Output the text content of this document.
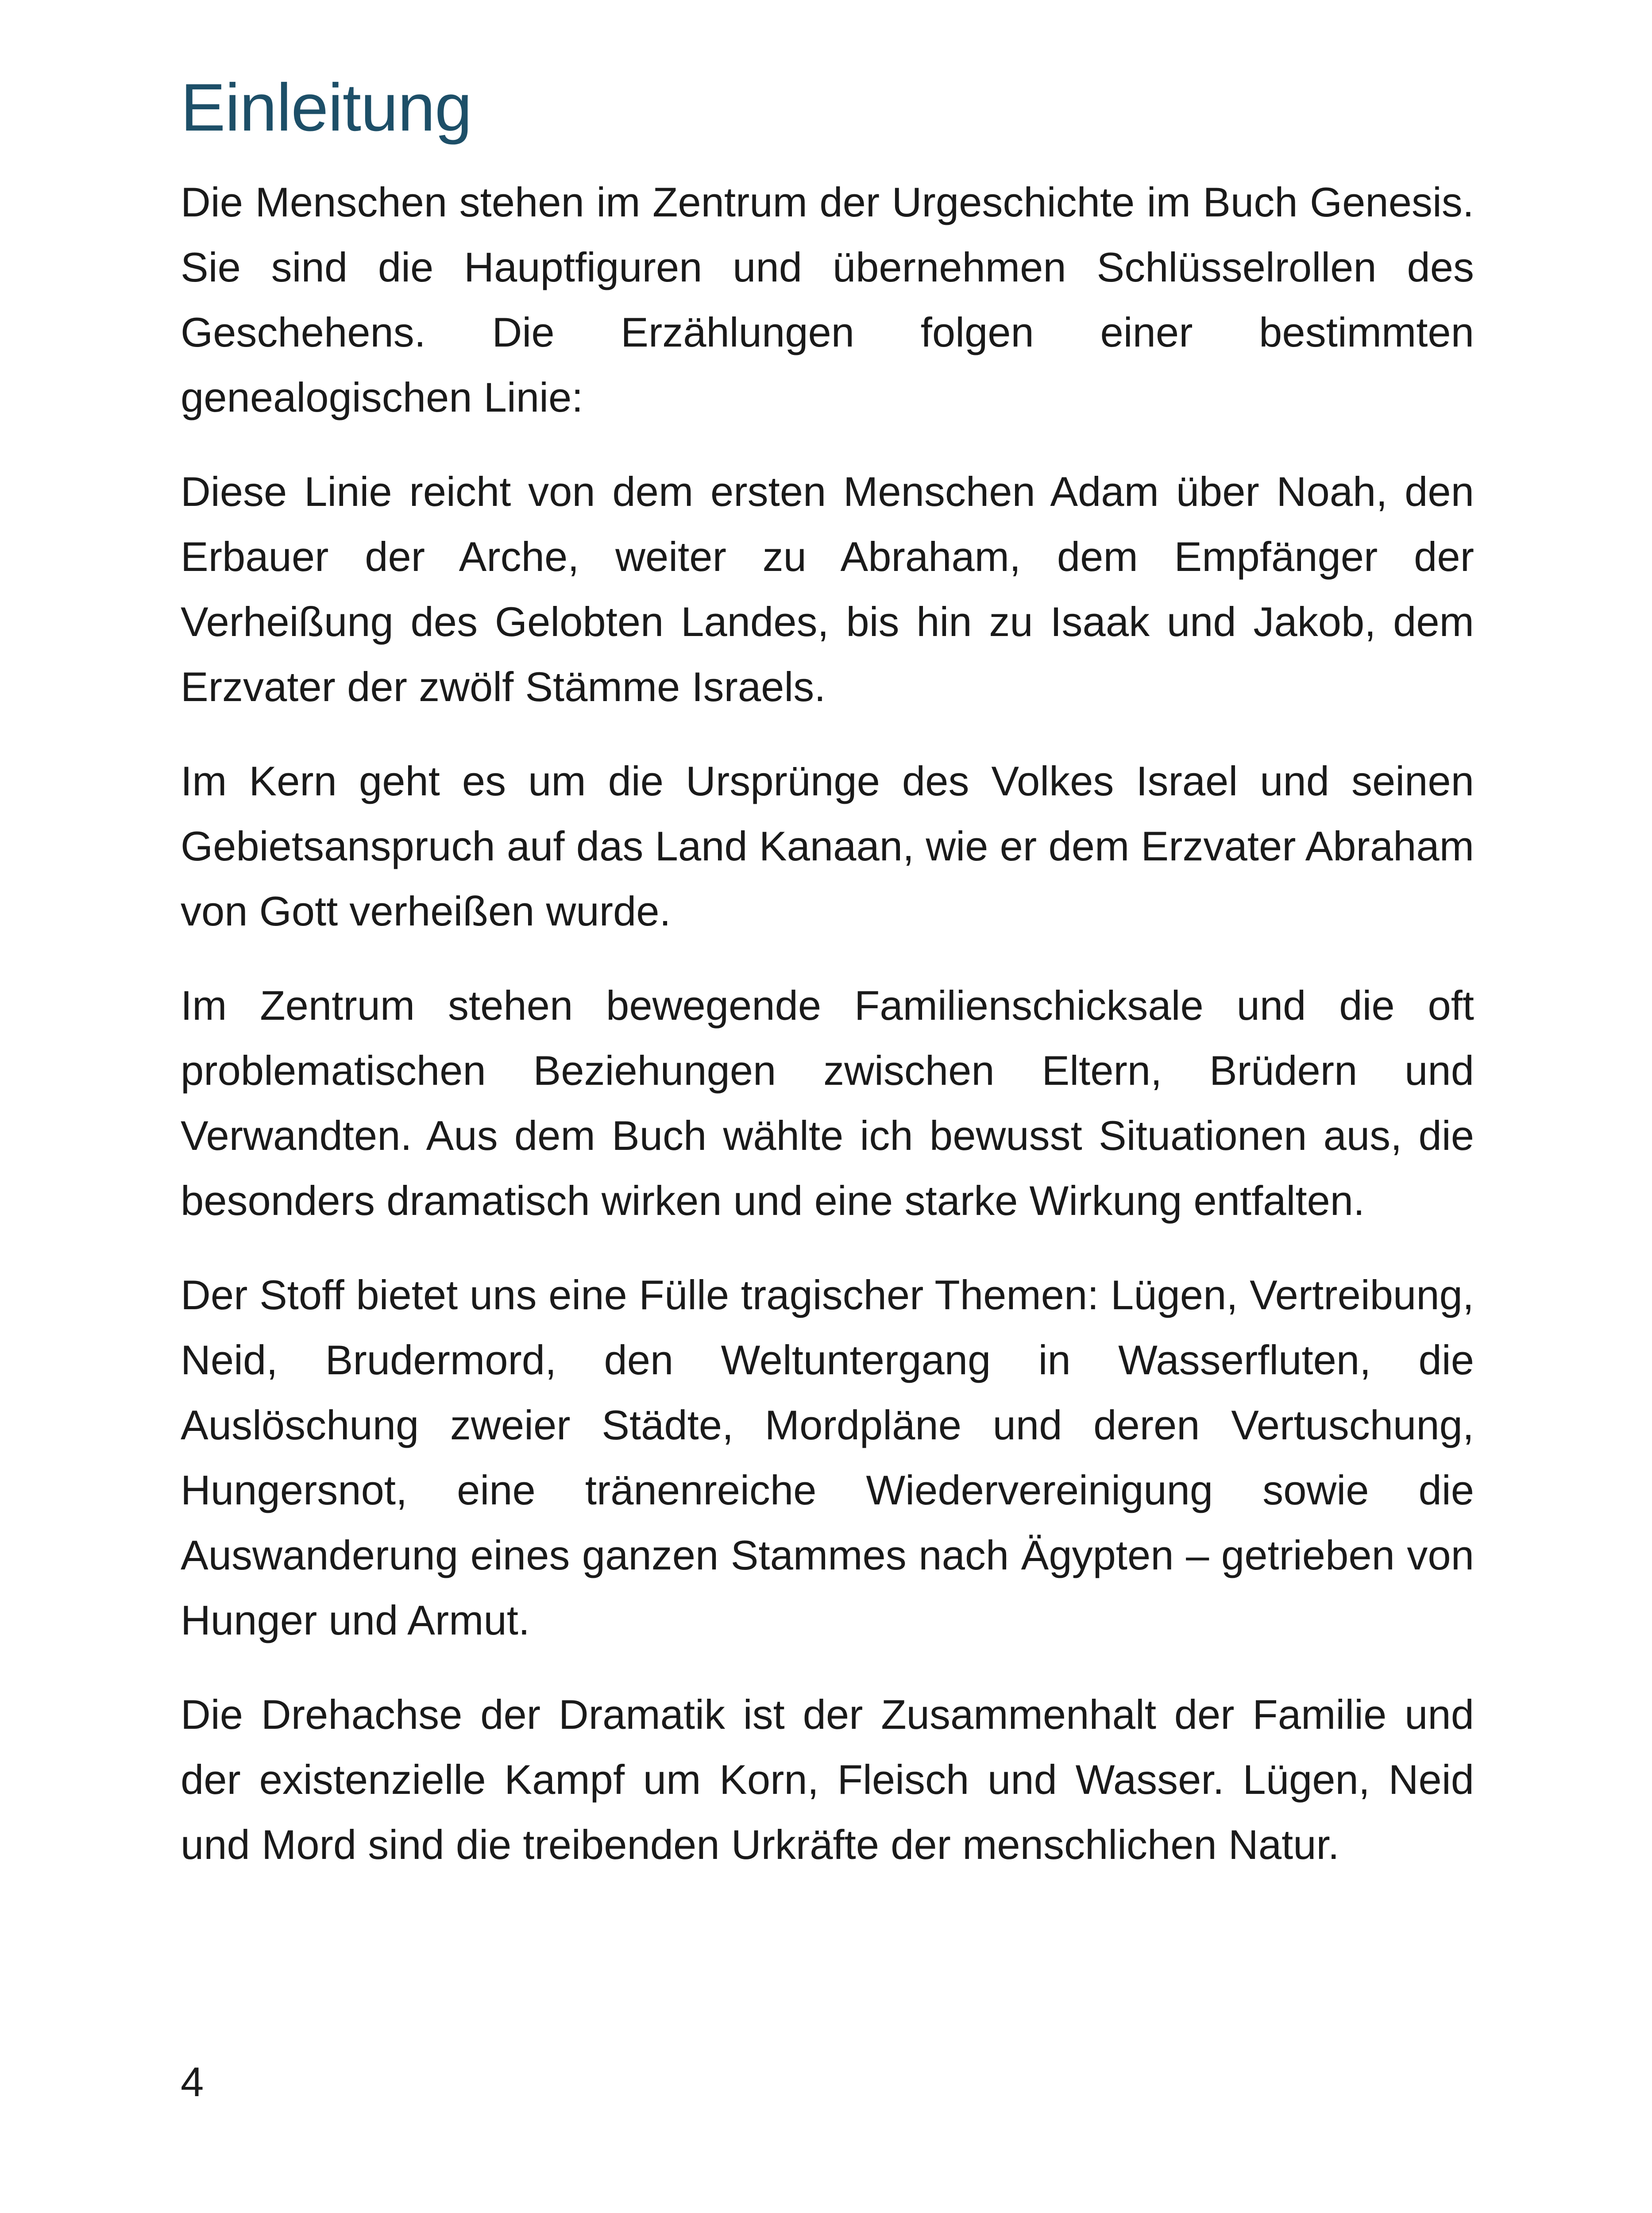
Einleitung

Die Menschen stehen im Zentrum der Urgeschichte im Buch Genesis. Sie sind die Hauptfiguren und übernehmen Schlüsselrollen des Geschehens. Die Erzählungen folgen einer bestimmten genealogischen Linie:

Diese Linie reicht von dem ersten Menschen Adam über Noah, den Erbauer der Arche, weiter zu Abraham, dem Empfänger der Verheißung des Gelobten Landes, bis hin zu Isaak und Jakob, dem Erzvater der zwölf Stämme Israels.

Im Kern geht es um die Ursprünge des Volkes Israel und seinen Gebietsanspruch auf das Land Kanaan, wie er dem Erzvater Abraham von Gott verheißen wurde.

Im Zentrum stehen bewegende Familienschicksale und die oft problematischen Beziehungen zwischen Eltern, Brüdern und Verwandten. Aus dem Buch wählte ich bewusst Situationen aus, die besonders dramatisch wirken und eine starke Wirkung entfalten.

Der Stoff bietet uns eine Fülle tragischer Themen: Lügen, Vertreibung, Neid, Brudermord, den Weltuntergang in Wasserfluten, die Auslöschung zweier Städte, Mordpläne und deren Vertuschung, Hungersnot, eine tränenreiche Wiedervereinigung sowie die Auswanderung eines ganzen Stammes nach Ägypten – getrieben von Hunger und Armut.

Die Drehachse der Dramatik ist der Zusammenhalt der Familie und der existenzielle Kampf um Korn, Fleisch und Wasser. Lügen, Neid und Mord sind die treibenden Urkräfte der menschlichen Natur.

4
